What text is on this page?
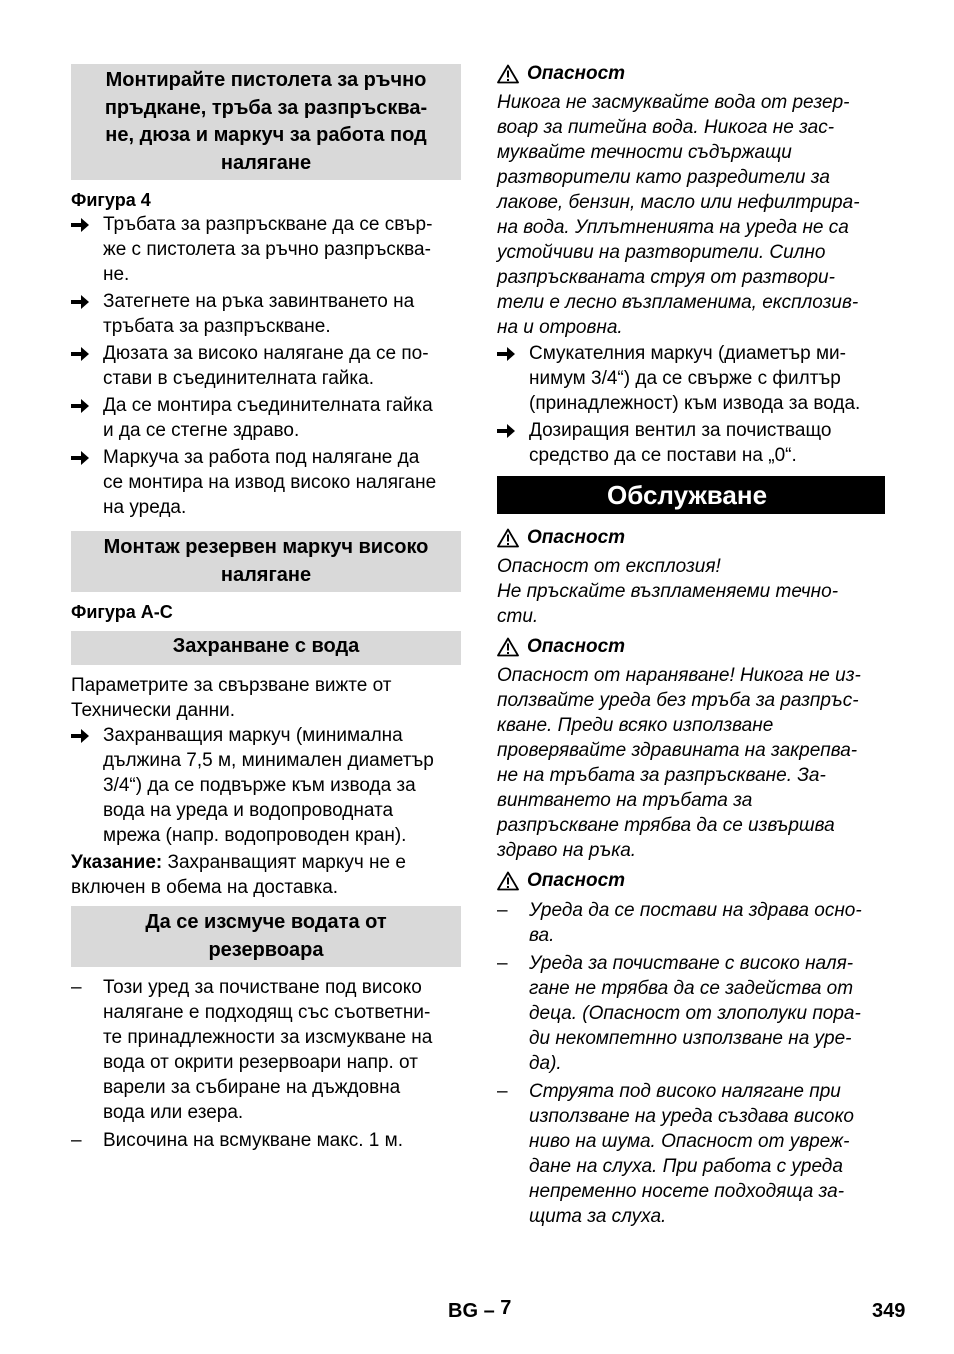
Монтирайте пистолета за ръчно
пръдкане, тръба за разпръсква-
не, дюза и маркуч за работа под
налягане
Фигура 4
Тръбата за разпръскване да се свър-
же с пистолета за ръчно разпръсква-
не.
Затегнете на ръка завинтването на
тръбата за разпръскване.
Дюзата за високо налягане да се по-
стави в съединителната гайка.
Да се монтира съединителната гайка
и да се стегне здраво.
Маркуча за работа под налягане да
се монтира на извод високо налягане
на уреда.
Монтаж резервен маркуч високо
налягане
Фигура A-C
Захранване с вода
Параметрите за свързване вижте от
Технически данни.
Захранващия маркуч (минимална
дължина 7,5 м, минимален диаметър
3/4“) да се подвърже към извода за
вода на уреда и водопроводната
мрежа (напр. водопроводен кран).
Указание: Захранващият маркуч не е
включен в обема на доставка.
Да се изсмуче водата от
резервоара
– Този уред за почистване под високо
налягане е подходящ със съответни-
те принадлежности за изсмукване на
вода от окрити резервоари напр. от
варели за събиране на дъждовна
вода или езера.
– Височина на всмукване макс. 1 м.
Опасност
Никога не засмуквайте вода от резер-
воар за питейна вода. Никога не зас-
муквайте течности съдържащи
разтворители като разредители за
лакове, бензин, масло или нефилтрира-
на вода. Уплътненията на уреда не са
устойчиви на разтворители. Силно
разпръскваната струя от разтвори-
тели е лесно възпламенима, експлозив-
на и отровна.
Смукателния маркуч (диаметър ми-
нимум 3/4“) да се свърже с филтър
(принадлежност) към извода за вода.
Дозиращия вентил за почистващо
средство да се постави на „0“.
Обслужване
Опасност
Опасност от експлозия!
Не пръскайте възпламеняеми течно-
сти.
Опасност
Опасност от нараняване! Никога не из-
ползвайте уреда без тръба за разпръс-
кване. Преди всяко използване
проверявайте здравината на закрепва-
не на тръбата за разпръскване. За-
винтването на тръбата за
разпръскване трябва да се извършва
здраво на ръка.
Опасност
– Уреда да се постави на здрава осно-
ва.
– Уреда за почистване с високо наля-
гане не трябва да се задейства от
деца. (Опасност от злополуки пора-
ди некомпетнно използване на уре-
да).
– Струята под високо налягане при
използване на уреда създава високо
ниво на шума. Опасност от увреж-
дане на слуха. При работа с уреда
непременно носете подходяща за-
щита за слуха.
BG – 7	349
